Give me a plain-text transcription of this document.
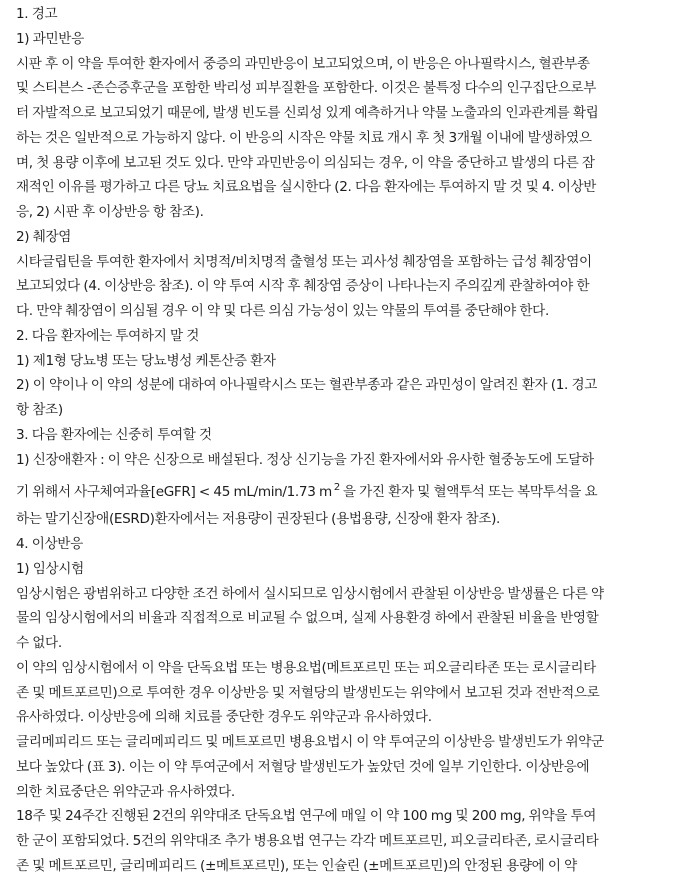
1. 경고
1) 과민반응
시판 후 이 약을 투여한 환자에서 중증의 과민반응이 보고되었으며, 이 반응은 아나필락시스, 혈관부종
및 스티븐스 -존슨증후군을 포함한 박리성 피부질환을 포함한다. 이것은 불특정 다수의 인구집단으로부
터 자발적으로 보고되었기 때문에, 발생 빈도를 신뢰성 있게 예측하거나 약물 노출과의 인과관계를 확립
하는 것은 일반적으로 가능하지 않다. 이 반응의 시작은 약물 치료 개시 후 첫 3개월 이내에 발생하였으
며, 첫 용량 이후에 보고된 것도 있다. 만약 과민반응이 의심되는 경우, 이 약을 중단하고 발생의 다른 잠
재적인 이유를 평가하고 다른 당뇨 치료요법을 실시한다 (2. 다음 환자에는 투여하지 말 것 및 4. 이상반
응, 2) 시판 후 이상반응 항 참조).
2) 췌장염
시타글립틴을 투여한 환자에서 치명적/비치명적 출혈성 또는 괴사성 췌장염을 포함하는 급성 췌장염이
보고되었다 (4. 이상반응 참조). 이 약 투여 시작 후 췌장염 증상이 나타나는지 주의깊게 관찰하여야 한
다. 만약 췌장염이 의심될 경우 이 약 및 다른 의심 가능성이 있는 약물의 투여를 중단해야 한다.
2. 다음 환자에는 투여하지 말 것
1) 제1형 당뇨병 또는 당뇨병성 케톤산증 환자
2) 이 약이나 이 약의 성분에 대하여 아나필락시스 또는 혈관부종과 같은 과민성이 알려진 환자 (1. 경고
항 참조)
3. 다음 환자에는 신중히 투여할 것
1) 신장애환자 : 이 약은 신장으로 배설된다. 정상 신기능을 가진 환자에서와 유사한 혈중농도에 도달하
기 위해서 사구체여과율[eGFR] < 45 mL/min/1.73 m $^2$ 을 가진 환자 및 혈액투석 또는 복막투석을 요
하는 말기신장애(ESRD)환자에서는 저용량이 권장된다 (용법용량, 신장애 환자 참조).
4. 이상반응
1) 임상시험
임상시험은 광범위하고 다양한 조건 하에서 실시되므로 임상시험에서 관찰된 이상반응 발생률은 다른 약
물의 임상시험에서의 비율과 직접적으로 비교될 수 없으며, 실제 사용환경 하에서 관찰된 비율을 반영할
수 없다.
이 약의 임상시험에서 이 약을 단독요법 또는 병용요법(메트포르민 또는 피오글리타존 또는 로시글리타
존 및 메트포르민)으로 투여한 경우 이상반응 및 저혈당의 발생빈도는 위약에서 보고된 것과 전반적으로
유사하였다. 이상반응에 의해 치료를 중단한 경우도 위약군과 유사하였다.
글리메피리드 또는 글리메피리드 및 메트포르민 병용요법시 이 약 투여군의 이상반응 발생빈도가 위약군
보다 높았다 (표 3). 이는 이 약 투여군에서 저혈당 발생빈도가 높았던 것에 일부 기인한다. 이상반응에
의한 치료중단은 위약군과 유사하였다.
18주 및 24주간 진행된 2건의 위약대조 단독요법 연구에 매일 이 약 100 mg 및 200 mg, 위약을 투여
한 군이 포함되었다. 5건의 위약대조 추가 병용요법 연구는 각각 메트포르민, 피오글리타존, 로시글리타
존 및 메트포르민, 글리메피리드 (±메트포르민), 또는 인슐린 (±메트포르민)의 안정된 용량에 이 약
